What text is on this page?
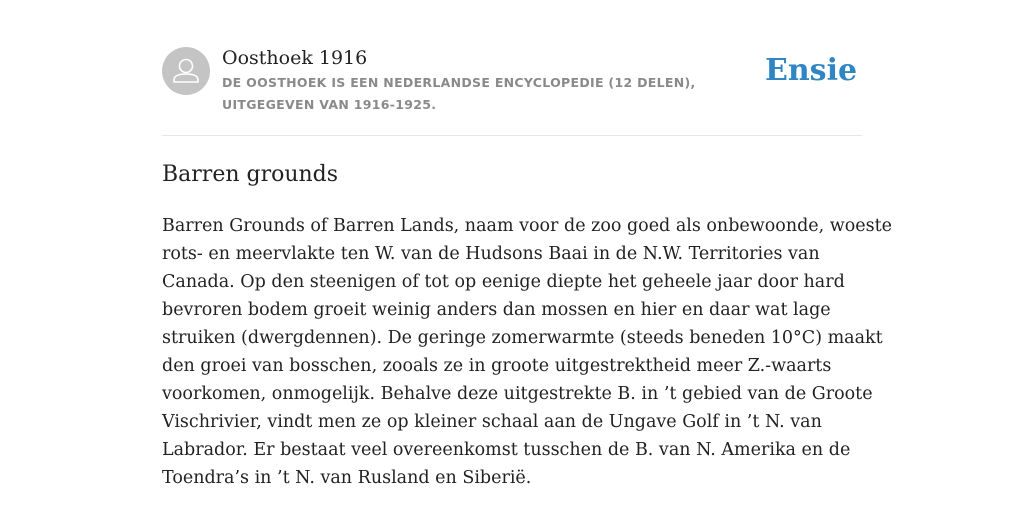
Oosthoek 1916
DE OOSTHOEK IS EEN NEDERLANDSE ENCYCLOPEDIE (12 DELEN), UITGEGEVEN VAN 1916-1925.
Ensie
Barren grounds
Barren Grounds of Barren Lands, naam voor de zoo goed als onbewoonde, woeste
rots- en meervlakte ten W. van de Hudsons Baai in de N.W. Territories van
Canada. Op den steenigen of tot op eenige diepte het geheele jaar door hard
bevroren bodem groeit weinig anders dan mossen en hier en daar wat lage
struiken (dwergdennen). De geringe zomerwarmte (steeds beneden 10°C) maakt
den groei van bosschen, zooals ze in groote uitgestrektheid meer Z.-waarts
voorkomen, onmogelijk. Behalve deze uitgestrekte B. in ’t gebied van de Groote
Vischrivier, vindt men ze op kleiner schaal aan de Ungave Golf in ’t N. van
Labrador. Er bestaat veel overeenkomst tusschen de B. van N. Amerika en de
Toendra’s in ’t N. van Rusland en Siberië.
